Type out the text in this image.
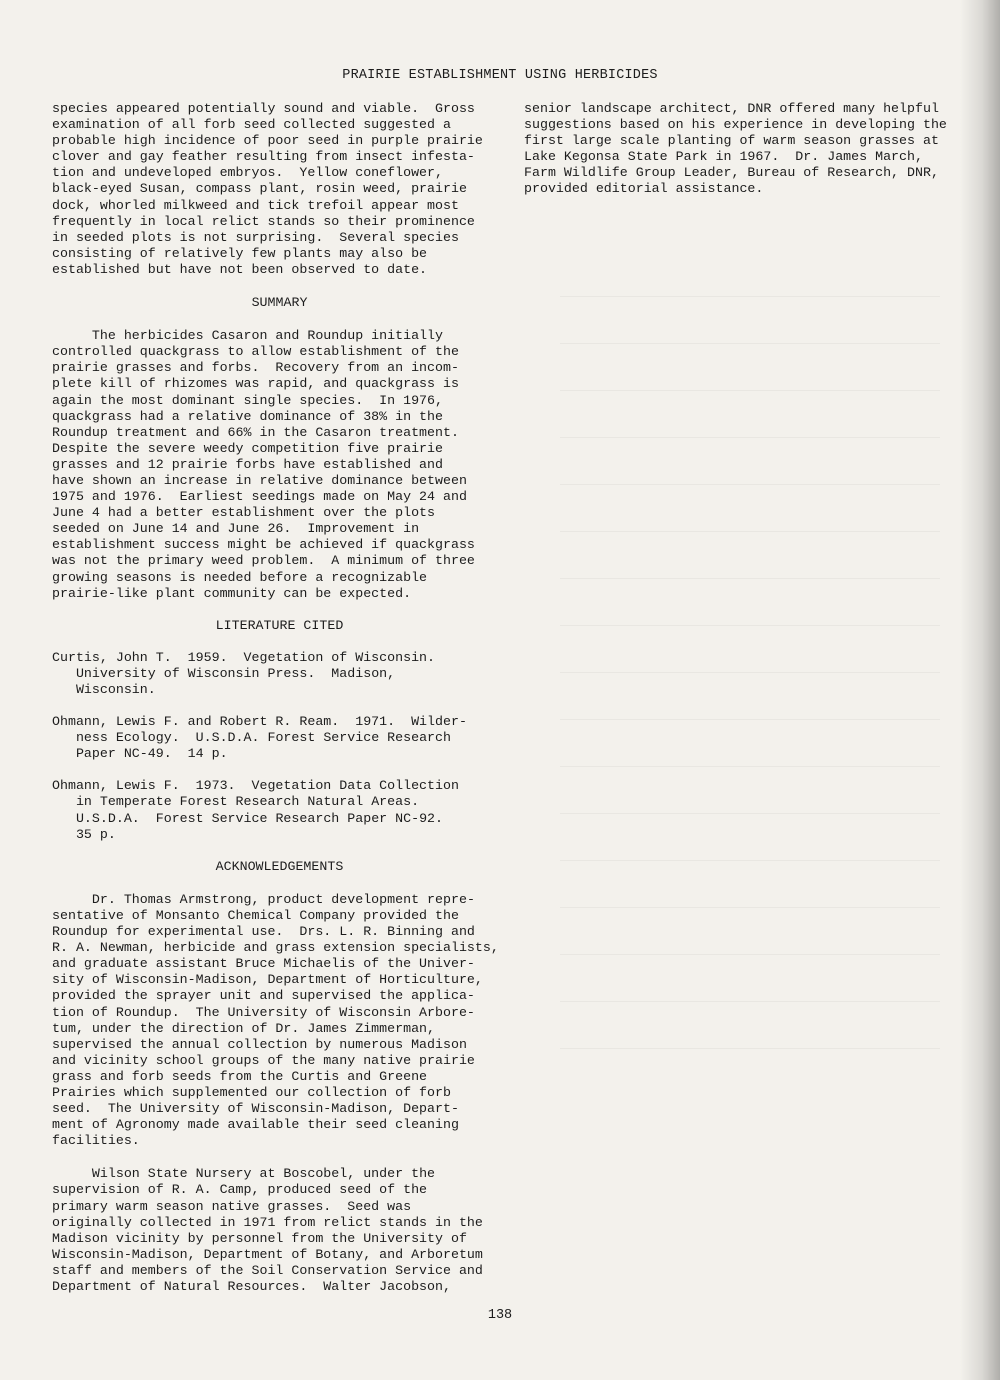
PRAIRIE ESTABLISHMENT USING HERBICIDES
species appeared potentially sound and viable.  Gross
examination of all forb seed collected suggested a
probable high incidence of poor seed in purple prairie
clover and gay feather resulting from insect infesta-
tion and undeveloped embryos.  Yellow coneflower,
black-eyed Susan, compass plant, rosin weed, prairie
dock, whorled milkweed and tick trefoil appear most
frequently in local relict stands so their prominence
in seeded plots is not surprising.  Several species
consisting of relatively few plants may also be
established but have not been observed to date.
SUMMARY
The herbicides Casaron and Roundup initially
controlled quackgrass to allow establishment of the
prairie grasses and forbs.  Recovery from an incom-
plete kill of rhizomes was rapid, and quackgrass is
again the most dominant single species.  In 1976,
quackgrass had a relative dominance of 38% in the
Roundup treatment and 66% in the Casaron treatment.
Despite the severe weedy competition five prairie
grasses and 12 prairie forbs have established and
have shown an increase in relative dominance between
1975 and 1976.  Earliest seedings made on May 24 and
June 4 had a better establishment over the plots
seeded on June 14 and June 26.  Improvement in
establishment success might be achieved if quackgrass
was not the primary weed problem.  A minimum of three
growing seasons is needed before a recognizable
prairie-like plant community can be expected.
LITERATURE CITED
Curtis, John T.  1959.  Vegetation of Wisconsin.
University of Wisconsin Press.  Madison,
Wisconsin.
Ohmann, Lewis F. and Robert R. Ream.  1971.  Wilder-
ness Ecology.  U.S.D.A. Forest Service Research
Paper NC-49.  14 p.
Ohmann, Lewis F.  1973.  Vegetation Data Collection
in Temperate Forest Research Natural Areas.
U.S.D.A.  Forest Service Research Paper NC-92.
35 p.
ACKNOWLEDGEMENTS
Dr. Thomas Armstrong, product development repre-
sentative of Monsanto Chemical Company provided the
Roundup for experimental use.  Drs. L. R. Binning and
R. A. Newman, herbicide and grass extension specialists,
and graduate assistant Bruce Michaelis of the Univer-
sity of Wisconsin-Madison, Department of Horticulture,
provided the sprayer unit and supervised the applica-
tion of Roundup.  The University of Wisconsin Arbore-
tum, under the direction of Dr. James Zimmerman,
supervised the annual collection by numerous Madison
and vicinity school groups of the many native prairie
grass and forb seeds from the Curtis and Greene
Prairies which supplemented our collection of forb
seed.  The University of Wisconsin-Madison, Depart-
ment of Agronomy made available their seed cleaning
facilities.
Wilson State Nursery at Boscobel, under the
supervision of R. A. Camp, produced seed of the
primary warm season native grasses.  Seed was
originally collected in 1971 from relict stands in the
Madison vicinity by personnel from the University of
Wisconsin-Madison, Department of Botany, and Arboretum
staff and members of the Soil Conservation Service and
Department of Natural Resources.  Walter Jacobson,
senior landscape architect, DNR offered many helpful
suggestions based on his experience in developing the
first large scale planting of warm season grasses at
Lake Kegonsa State Park in 1967.  Dr. James March,
Farm Wildlife Group Leader, Bureau of Research, DNR,
provided editorial assistance.
138
